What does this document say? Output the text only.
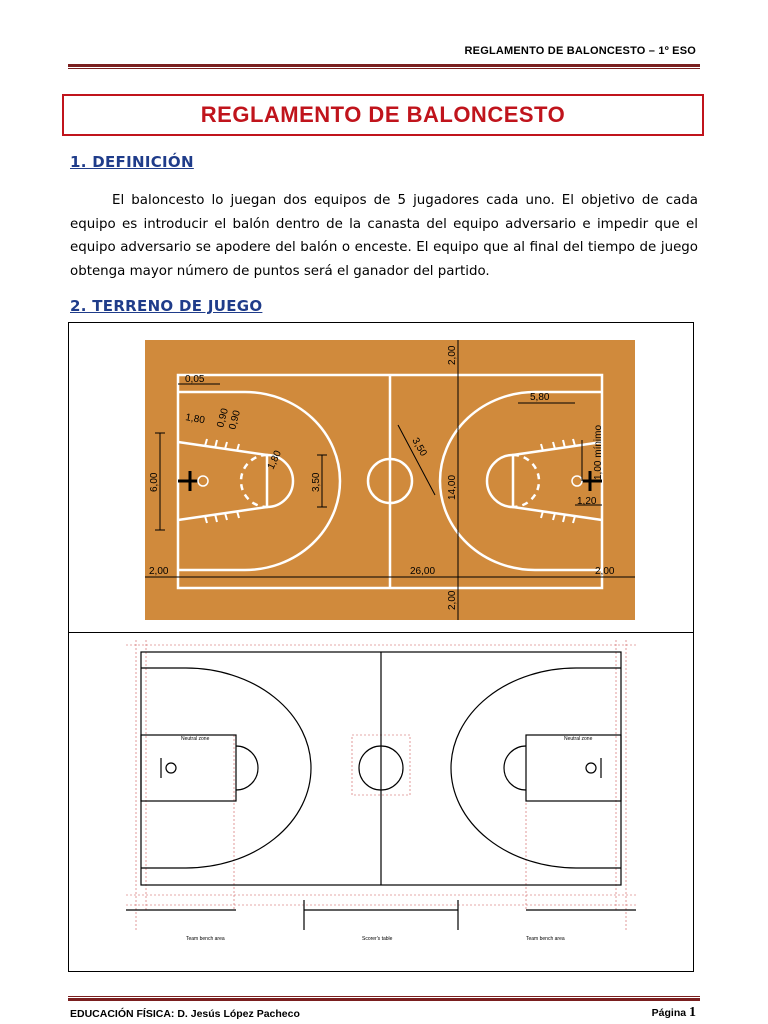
REGLAMENTO DE BALONCESTO – 1º ESO
REGLAMENTO DE BALONCESTO
1. DEFINICIÓN
El baloncesto lo juegan dos equipos de 5 jugadores cada uno. El objetivo de cada equipo es introducir el balón dentro de la canasta del equipo adversario e impedir que el equipo adversario se apodere del balón o enceste. El equipo que al final del tiempo de juego obtenga mayor número de puntos será el ganador del partido.
2. TERRENO DE JUEGO
0,05
1,80 0,90
0,90
1,80
6,00	3,50
3,50
5,80
1,00 mínimo
1,20
14,00
2,00
2,00
2,00	26,00	2,00
Neutral zone	Neutral zone
Team bench area	Scorer's table	Team bench area
EDUCACIÓN FÍSICA: D. Jesús López Pacheco	Página 1
